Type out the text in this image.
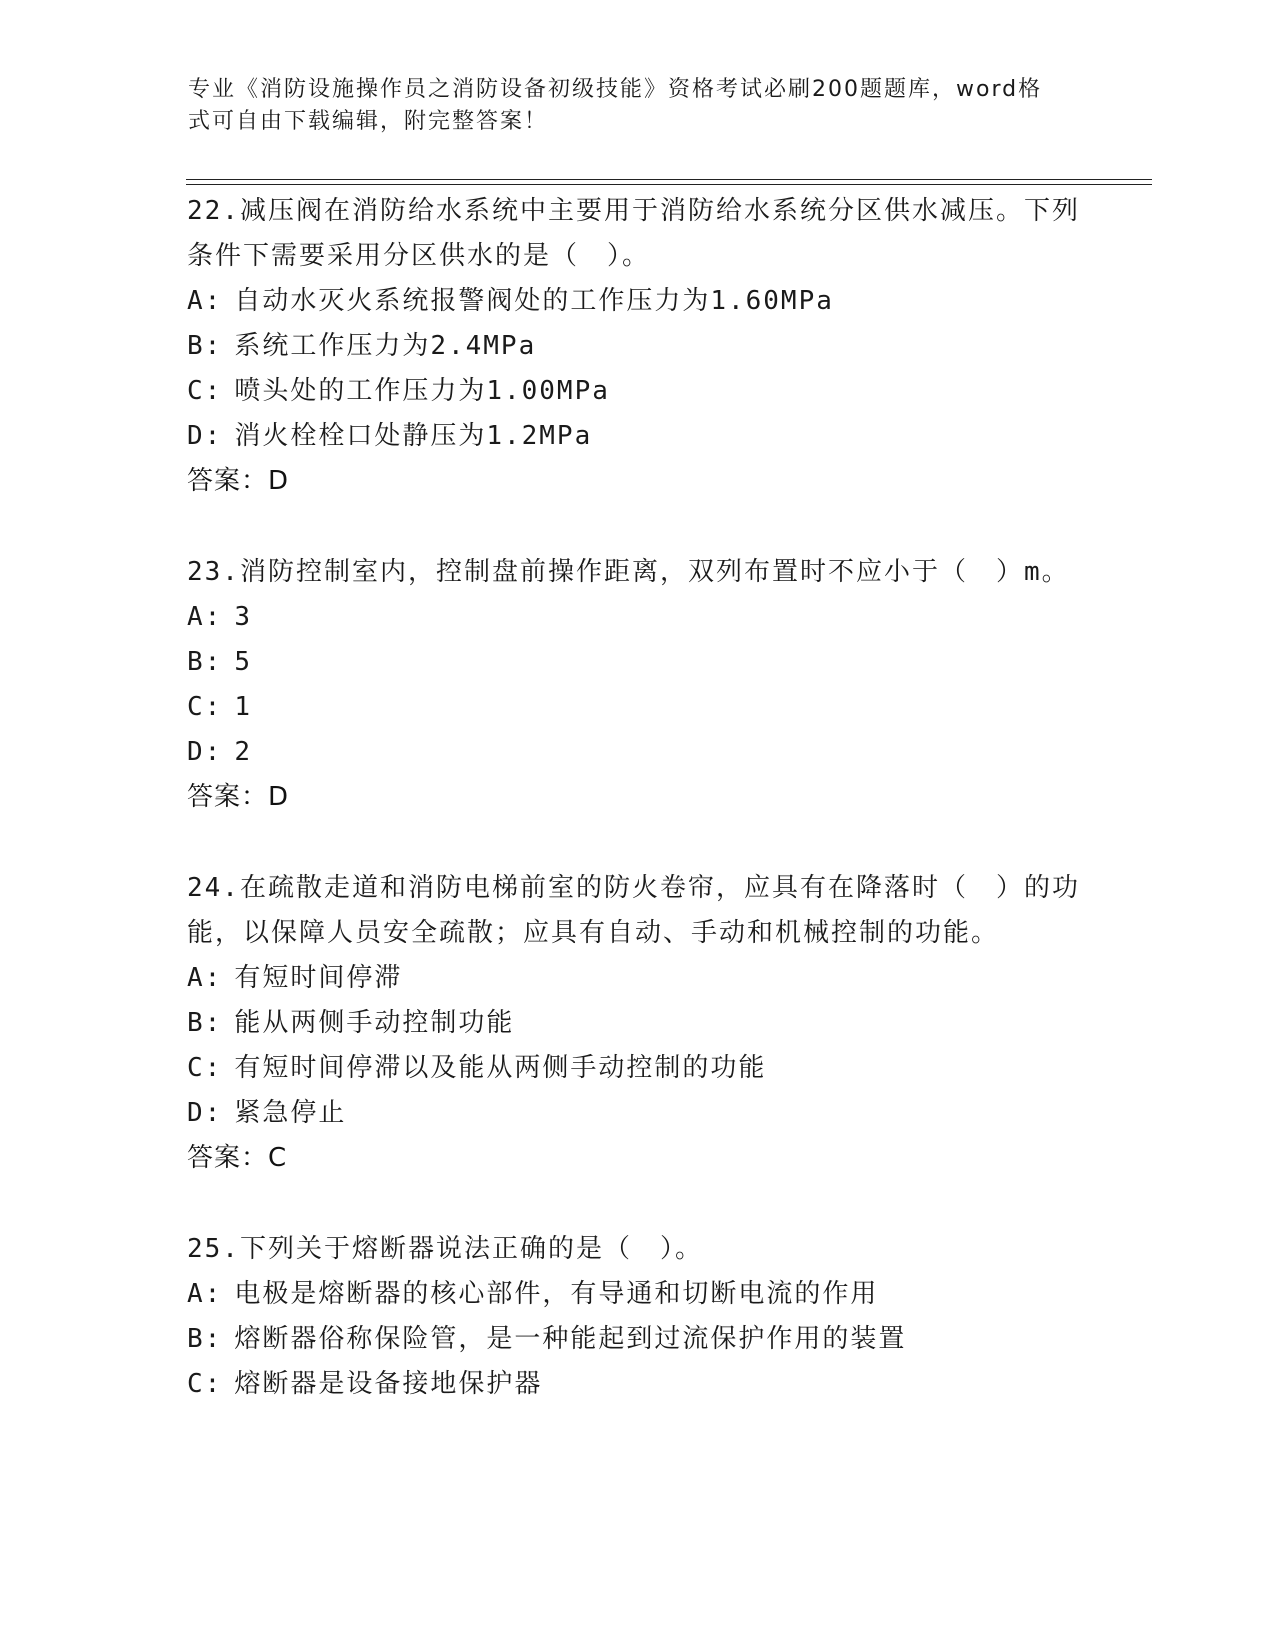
专业《消防设施操作员之消防设备初级技能》资格考试必刷200题题库，word格
式可自由下载编辑，附完整答案！

22.减压阀在消防给水系统中主要用于消防给水系统分区供水减压。下列条件下需要采用分区供水的是（　）。

A : 自动水灭火系统报警阀处的工作压力为1.60MPa
B : 系统工作压力为2.4MPa
C : 喷头处的工作压力为1.00MPa
D : 消火栓栓口处静压为1.2MPa

答案：D

23.消防控制室内，控制盘前操作距离，双列布置时不应小于（　）m。

A : 3
B : 5
C : 1
D : 2

答案：D

24.在疏散走道和消防电梯前室的防火卷帘，应具有在降落时（　）的功能，以保障人员安全疏散；应具有自动、手动和机械控制的功能。

A : 有短时间停滞
B : 能从两侧手动控制功能
C : 有短时间停滞以及能从两侧手动控制的功能
D : 紧急停止

答案：C

25.下列关于熔断器说法正确的是（　）。

A : 电极是熔断器的核心部件，有导通和切断电流的作用
B : 熔断器俗称保险管，是一种能起到过流保护作用的装置
C : 熔断器是设备接地保护器
